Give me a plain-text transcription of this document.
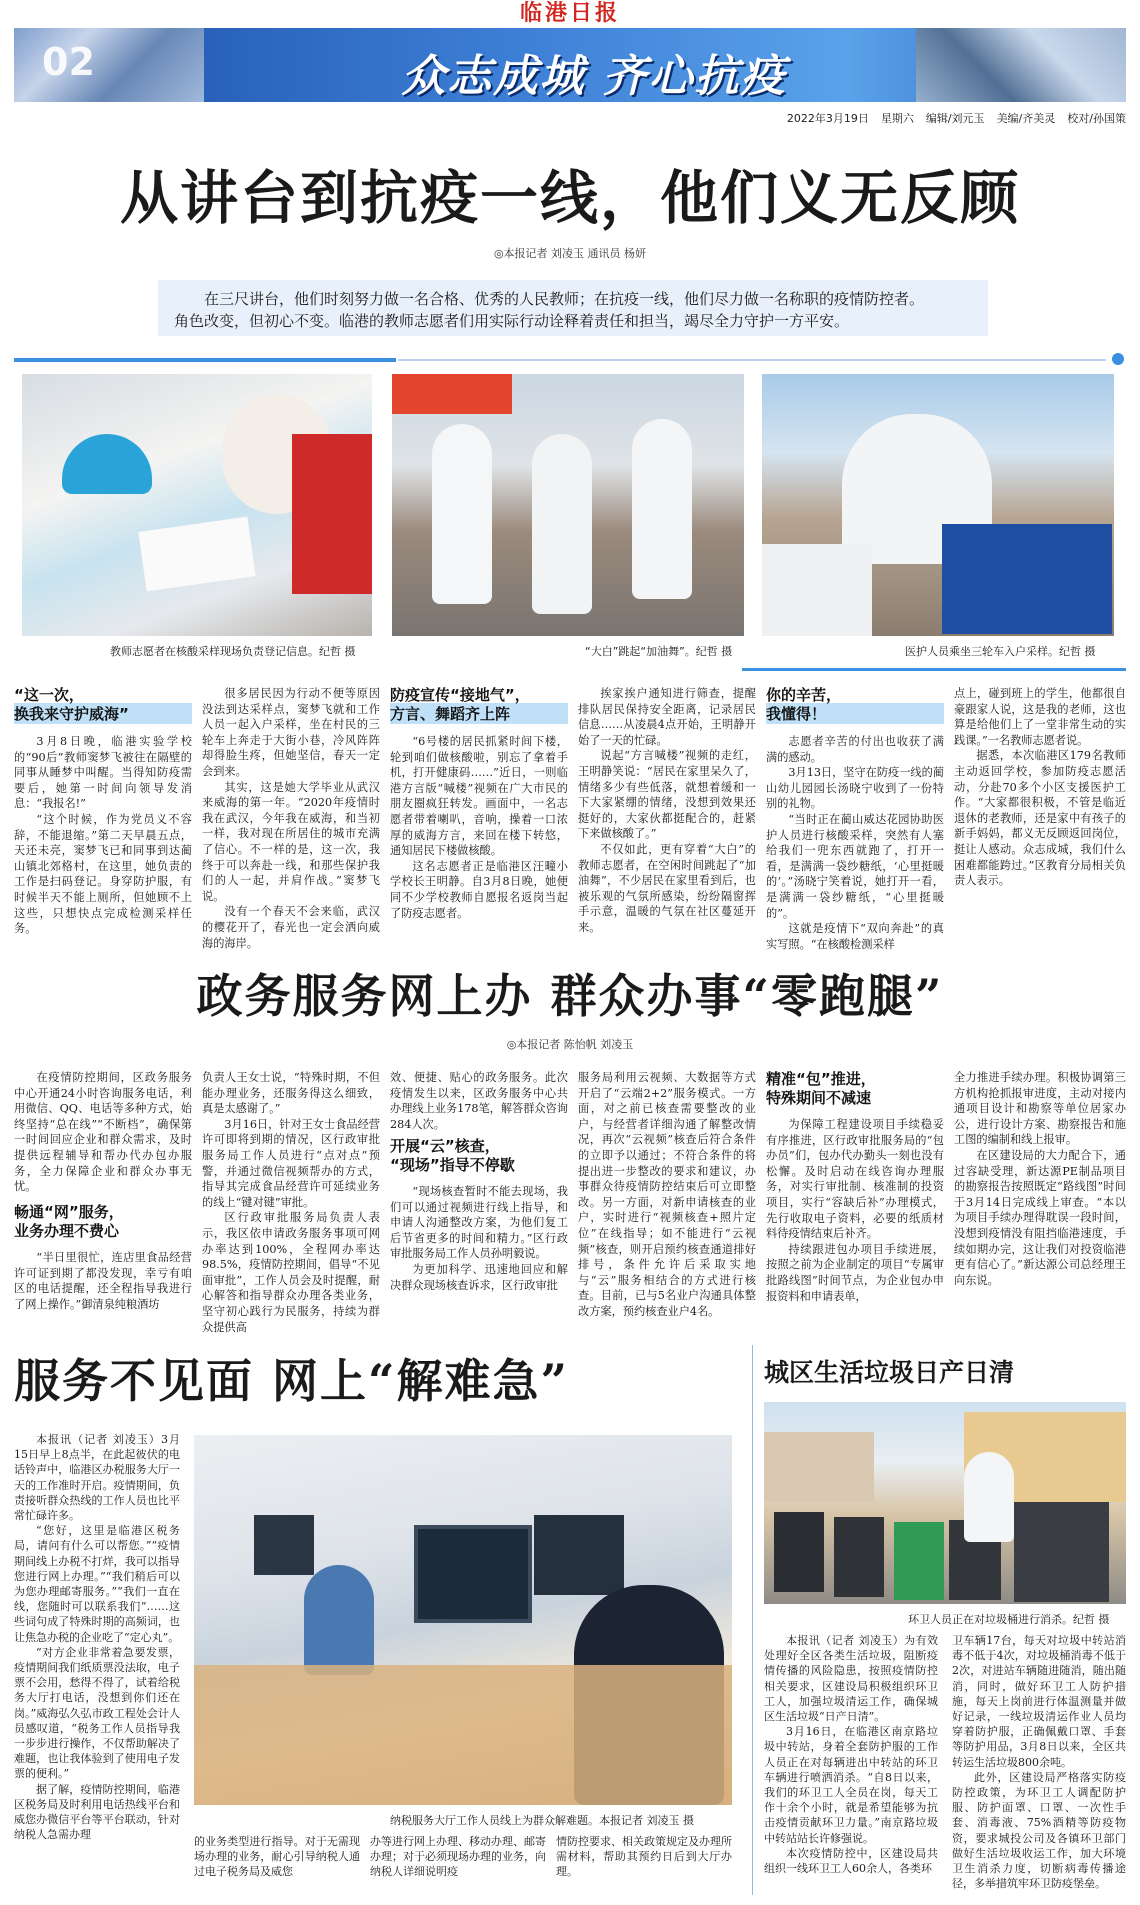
临港日报
02	众志成城 齐心抗疫
2022年3月19日 星期六 编辑/刘元玉 美编/齐美灵 校对/孙国策
从讲台到抗疫一线，他们义无反顾
◎本报记者 刘凌玉 通讯员 杨妍

在三尺讲台，他们时刻努力做一名合格、优秀的人民教师；在抗疫一线，他们尽力做一名称职的疫情防控者。

角色改变，但初心不变。临港的教师志愿者们用实际行动诠释着责任和担当，竭尽全力守护一方平安。

教师志愿者在核酸采样现场负责登记信息。纪哲 摄	“大白”跳起“加油舞”。纪哲 摄	医护人员乘坐三轮车入户采样。纪哲 摄
“这一次，
换我来守护威海”

3月8日晚，临港实验学校的“90后”教师窦梦飞被往在隔壁的同事从睡梦中叫醒。当得知防疫需要后，她第一时间向领导发消息：“我报名!”

“这个时候，作为党员义不容辞，不能退缩。”第二天早晨五点，天还未亮，窦梦飞已和同事到达蔺山镇北郊格村，在这里，她负责的工作是扫码登记。身穿防护服，有时候半天不能上厕所，但她顾不上这些，只想快点完成检测采样任务。

很多居民因为行动不便等原因没法到达采样点，窦梦飞就和工作人员一起入户采样，坐在村民的三轮车上奔走于大街小巷，冷风阵阵却得脸生疼，但她坚信，春天一定会到来。

其实，这是她大学毕业从武汉来威海的第一年。“2020年疫情时我在武汉，今年我在威海，和当初一样，我对现在所居住的城市充满了信心。不一样的是，这一次，我终于可以奔赴一线，和那些保护我们的人一起，并肩作战。”窦梦飞说。

没有一个春天不会来临，武汉的樱花开了，春光也一定会洒向威海的海岸。

防疫宣传“接地气”，
方言、舞蹈齐上阵

“6号楼的居民抓紧时间下楼，轮到咱们做核酸啦，别忘了拿着手机，打开健康码……”近日，一则临港方言版“喊楼”视频在广大市民的朋友圈疯狂转发。画面中，一名志愿者带着喇叭，音响，操着一口浓厚的威海方言，来回在楼下转悠，通知居民下楼做核酸。

这名志愿者正是临港区汪疃小学校长王明静。自3月8日晚，她便同不少学校教师自愿报名返岗当起了防疫志愿者。

挨家挨户通知进行筛查，提醒排队居民保持安全距离，记录居民信息……从凌晨4点开始，王明静开始了一天的忙碌。

说起“方言喊楼”视频的走红，王明静笑说：“居民在家里呆久了，情绪多少有些低落，就想着缓和一下大家紧绷的情绪，没想到效果还挺好的，大家伙都挺配合的，赶紧下来做核酸了。”

不仅如此，更有穿着“大白”的教师志愿者，在空闲时间跳起了“加油舞”，不少居民在家里看到后，也被乐观的气氛所感染，纷纷隔窗挥手示意，温暖的气氛在社区蔓延开来。

你的辛苦，
我懂得！

志愿者辛苦的付出也收获了满满的感动。

3月13日，坚守在防疫一线的蔺山幼儿园园长汤晓宁收到了一份特别的礼物。

“当时正在蔺山威达花园协助医护人员进行核酸采样，突然有人塞给我们一兜东西就跑了，打开一看，是满满一袋纱糖纸，‘心里挺暖的’。”汤晓宁笑着说，她打开一看，是满满一袋纱糖纸，“心里挺暖的”。

这就是疫情下“双向奔赴”的真实写照。“在核酸检测采样

点上，碰到班上的学生，他都很自豪跟家人说，这是我的老师，这也算是给他们上了一堂非常生动的实践课。”一名教师志愿者说。

据悉，本次临港区179名教师主动返回学校，参加防疫志愿活动，分赴70多个小区支援医护工作。“大家都很积极，不管是临近退休的老教师，还是家中有孩子的新手妈妈，都义无反顾返回岗位，挺让人感动。众志成城，我们什么困难都能跨过。”区教育分局相关负责人表示。

政务服务网上办 群众办事“零跑腿”
◎本报记者 陈怡帆 刘凌玉

在疫情防控期间，区政务服务中心开通24小时咨询服务电话，利用微信、QQ、电话等多种方式，始终坚持“总在线”“不断档”，确保第一时间回应企业和群众需求，及时提供远程辅导和帮办代办包办服务，全力保障企业和群众办事无忧。

畅通“网”服务，
业务办理不费心

“半日里很忙，连店里食品经营许可证到期了都没发现，幸亏有咱区的电话提醒，还全程指导我进行了网上操作。”御清泉纯粮酒坊

负责人王女士说，“特殊时期，不但能办理业务，还服务得这么细致，真是太感谢了。”

3月16日，针对王女士食品经营许可即将到期的情况，区行政审批服务局工作人员进行“点对点”预警，并通过微信视频帮办的方式，指导其完成食品经营许可延续业务的线上“键对键”审批。

区行政审批服务局负责人表示，我区依申请政务服务事项可网办率达到100%，全程网办率达98.5%，疫情防控期间，倡导“不见面审批”，工作人员会及时提醒，耐心解答和指导群众办理各类业务，坚守初心践行为民服务，持续为群众提供高

效、便捷、贴心的政务服务。此次疫情发生以来，区政务服务中心共办理线上业务178笔，解答群众咨询284人次。

开展“云”核查，
“现场”指导不停歇

“现场核查暂时不能去现场，我们可以通过视频进行线上指导，和申请人沟通整改方案，为他们复工后节省更多的时间和精力。”区行政审批服务局工作人员孙明毅说。

为更加科学、迅速地回应和解决群众现场核查诉求，区行政审批

服务局利用云视频、大数据等方式开启了“云端2+2”服务模式。一方面，对之前已核查需要整改的业户，与经营者详细沟通了解整改情况，再次“云视频”核查后符合条件的立即予以通过；不符合条件的将提出进一步整改的要求和建议，办事群众待疫情防控结束后可立即整改。另一方面，对新申请核查的业户，实时进行“视频核查+照片定位”在线指导；如不能进行“云视频”核查，则开启预约核查通道排好排号，条件允许后采取实地与“云”服务相结合的方式进行核查。目前，已与5名业户沟通具体整改方案，预约核查业户4名。

精准“包”推进，
特殊期间不减速

为保障工程建设项目手续稳妥有序推进，区行政审批服务局的“包办员”们，包办代办勤头一刻也没有松懈。及时启动在线咨询办理服务，对实行审批制、核准制的投资项目，实行“容缺后补”办理模式，先行收取电子资料，必要的纸质材料待疫情结束后补齐。

持续跟进包办项目手续进展，按照之前为企业制定的项目“专属审批路线图”时间节点，为企业包办申报资料和申请表单，

全力推进手续办理。积极协调第三方机构抢抓报审进度，主动对接内通项目设计和勘察等单位居家办公，进行设计方案、勘察报告和施工图的编制和线上报审。

在区建设局的大力配合下，通过容缺受理，新达源PE制品项目的勘察报告按照既定“路线图”时间于3月14日完成线上审查。“本以为项目手续办理得耽误一段时间，没想到疫情没有阻挡临港速度，手续如期办完，这让我们对投资临港更有信心了。”新达源公司总经理王向东说。

服务不见面 网上“解难急”

本报讯（记者 刘凌玉）3月15日早上8点半，在此起彼伏的电话铃声中，临港区办税服务大厅一天的工作准时开启。疫情期间，负责接听群众热线的工作人员也比平常忙碌许多。

“您好，这里是临港区税务局，请问有什么可以帮您。”“疫情期间线上办税不打烊，我可以指导您进行网上办理。”“我们稍后可以为您办理邮寄服务。”“我们一直在线，您随时可以联系我们”……这些词句成了特殊时期的高频词，也让焦急办税的企业吃了“定心丸”。

“对方企业非常着急要发票，疫情期间我们纸质票没法取，电子票不会用，愁得不得了，试着给税务大厅打电话，没想到你们还在岗。”威海弘久弘市政工程处会计人员感叹道，“税务工作人员指导我一步步进行操作，不仅帮助解决了难题，也让我体验到了使用电子发票的便利。”

据了解，疫情防控期间，临港区税务局及时利用电话热线平台和威您办微信平台等平台联动，针对纳税人急需办理

纳税服务大厅工作人员线上为群众解难题。本报记者 刘凌玉 摄

的业务类型进行指导。对于无需现场办理的业务，耐心引导纳税人通过电子税务局及威您

办等进行网上办理、移动办理、邮寄办理；对于必须现场办理的业务，向纳税人详细说明疫

情防控要求、相关政策规定及办理所需材料，帮助其预约日后到大厅办理。

城区生活垃圾日产日清
环卫人员正在对垃圾桶进行消杀。纪哲 摄

本报讯（记者 刘凌玉）为有效处理好全区各类生活垃圾，阻断疫情传播的风险隐患，按照疫情防控相关要求，区建设局积极组织环卫工人，加强垃圾清运工作，确保城区生活垃圾“日产日清”。

3月16日，在临港区南京路垃圾中转站，身着全套防护服的工作人员正在对每辆进出中转站的环卫车辆进行喷洒消杀。“自8日以来，我们的环卫工人全员在岗，每天工作十余个小时，就是希望能够为抗击疫情贡献环卫力量。”南京路垃圾中转站站长许修强说。

本次疫情防控中，区建设局共组织一线环卫工人60余人，各类环

卫车辆17台，每天对垃圾中转站消毒不低于4次，对垃圾桶消毒不低于2次，对进站车辆随进随消，随出随消，同时，做好环卫工人防护措施，每天上岗前进行体温测量并做好记录，一线垃圾清运作业人员均穿着防护服，正确佩戴口罩、手套等防护用品，3月8日以来，全区共转运生活垃圾800余吨。

此外，区建设局严格落实防疫防控政策，为环卫工人调配防护服、防护面罩、口罩、一次性手套、消毒液、75%酒精等防疫物资，要求城投公司及各镇环卫部门做好生活垃圾收运工作，加大环境卫生消杀力度，切断病毒传播途径，多举措筑牢环卫防疫堡垒。
